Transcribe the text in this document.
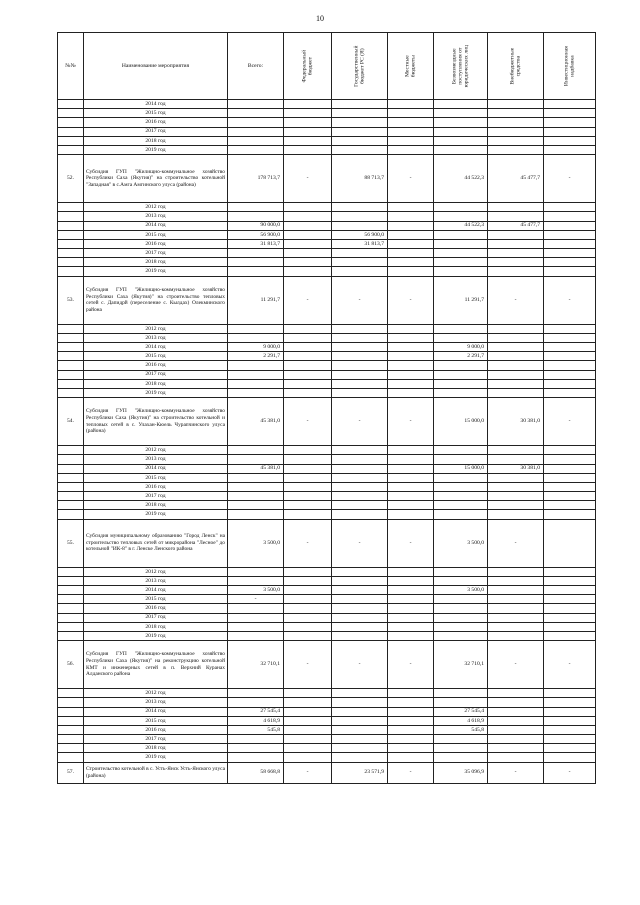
10
№№	Наименование мероприятия	Всего:	Федеральный бюджет	Государственный бюджет РС (Я)	Местные бюджеты	Безвозмездные поступления от юридических лиц	Внебюджетные средства	Инвестиционная надбавка

	2014 год							
	2015 год							
	2016 год							
	2017 год							
	2018 год							
	2019 год							
52.	Субсидия ГУП "Жилищно-коммунальное хозяйство Республики Саха (Якутия)" на строительство котельной "Западная" в с.Амга Амгинского улуса (района)	178 713,7	-	88 713,7	-	44 522,3	45 477,7	-
	2012 год							
	2013 год							
	2014 год	90 000,0				44 522,3	45 477,7	
	2015 год	56 900,0		56 900,0				
	2016 год	31 813,7		31 813,7				
	2017 год							
	2018 год							
	2019 год							
53.	Субсидия ГУП "Жилищно-коммунальное хозяйство Республики Саха (Якутия)" на строительство тепловых сетей с. Дапидрй (переселение с. Кылдах) Олекминского района	11 291,7	-	-	-	11 291,7	-	-
	2012 год							
	2013 год							
	2014 год	9 000,0				9 000,0		
	2015 год	2 291,7				2 291,7		
	2016 год							
	2017 год							
	2018 год							
	2019 год							
54.	Субсидия ГУП "Жилищно-коммунальное хозяйство Республики Саха (Якутия)" на строительство котельной и тепловых сетей в с. Улахан-Кюель Чурапчинского улуса (района)	45 381,0	-	-	-	15 000,0	30 381,0	-
	2012 год							
	2013 год							
	2014 год	45 381,0				15 000,0	30 381,0	
	2015 год							
	2016 год							
	2017 год							
	2018 год							
	2019 год							
55.	Субсидия муниципальному образованию "Город Ленск" на строительство тепловых сетей от микрорайона "Лесное" до котельной "ИК-8" в г. Ленске Ленского района	3 500,0	-	-	-	3 500,0	-	
	2012 год							
	2013 год							
	2014 год	3 500,0				3 500,0		
	2015 год	-						
	2016 год							
	2017 год							
	2018 год							
	2019 год							
56.	Субсидия ГУП "Жилищно-коммунальное хозяйство Республики Саха (Якутия)" на реконструкцию котельной КМТ и инженерных сетей в п. Верхний Куранах Алданского района	32 710,1	-	-	-	32 710,1	-	-
	2012 год							
	2013 год							
	2014 год	27 545,4				27 545,4		
	2015 год	4 618,9				4 618,9		
	2016 год	545,8				545,8		
	2017 год							
	2018 год							
	2019 год							
57.	Строительство котельной в с. Усть-Янск Усть-Янского улуса (района)	58 668,8	-	23 571,9	-	35 096,9	-	-
